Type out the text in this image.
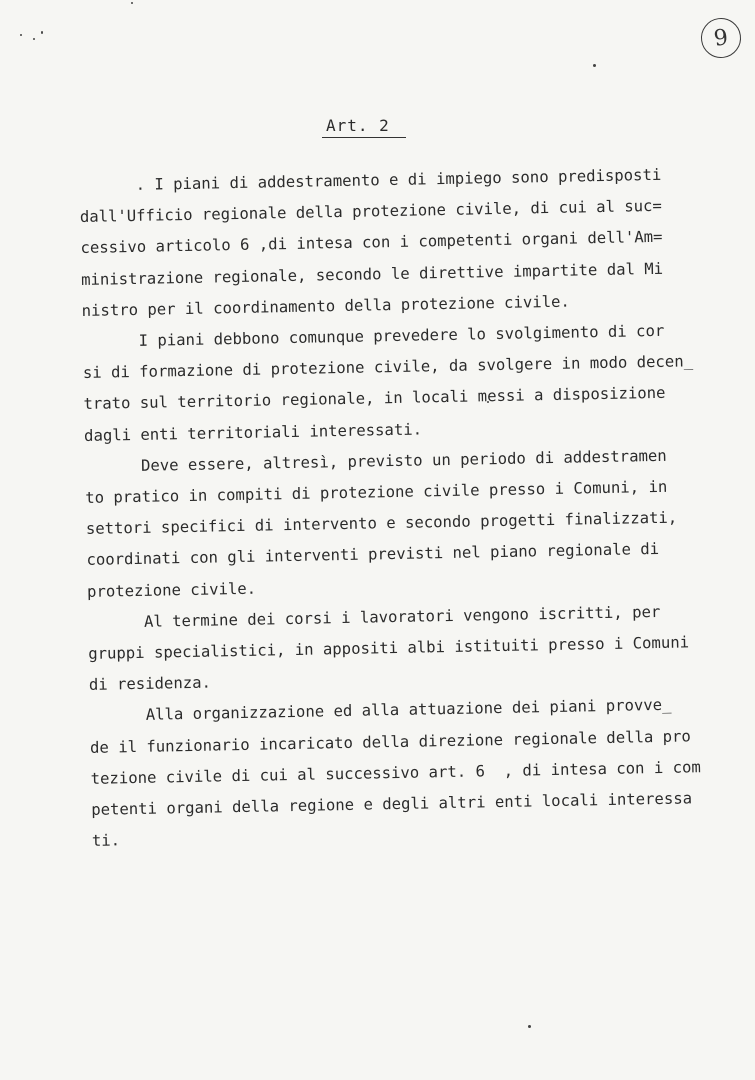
9
Art. 2
. I piani di addestramento e di impiego sono predisposti
dall'Ufficio regionale della protezione civile, di cui al suc=
cessivo articolo 6 ,di intesa con i competenti organi dell'Am=
ministrazione regionale, secondo le direttive impartite dal Mi
nistro per il coordinamento della protezione civile.
I piani debbono comunque prevedere lo svolgimento di cor
si di formazione di protezione civile, da svolgere in modo decen_
trato sul territorio regionale, in locali messi a disposizione
dagli enti territoriali interessati.
Deve essere, altresì, previsto un periodo di addestramen
to pratico in compiti di protezione civile presso i Comuni, in
settori specifici di intervento e secondo progetti finalizzati,
coordinati con gli interventi previsti nel piano regionale di
protezione civile.
Al termine dei corsi i lavoratori vengono iscritti, per
gruppi specialistici, in appositi albi istituiti presso i Comuni
di residenza.
Alla organizzazione ed alla attuazione dei piani provve_
de il funzionario incaricato della direzione regionale della pro
tezione civile di cui al successivo art. 6  , di intesa con i com
petenti organi della regione e degli altri enti locali interessa
ti.
